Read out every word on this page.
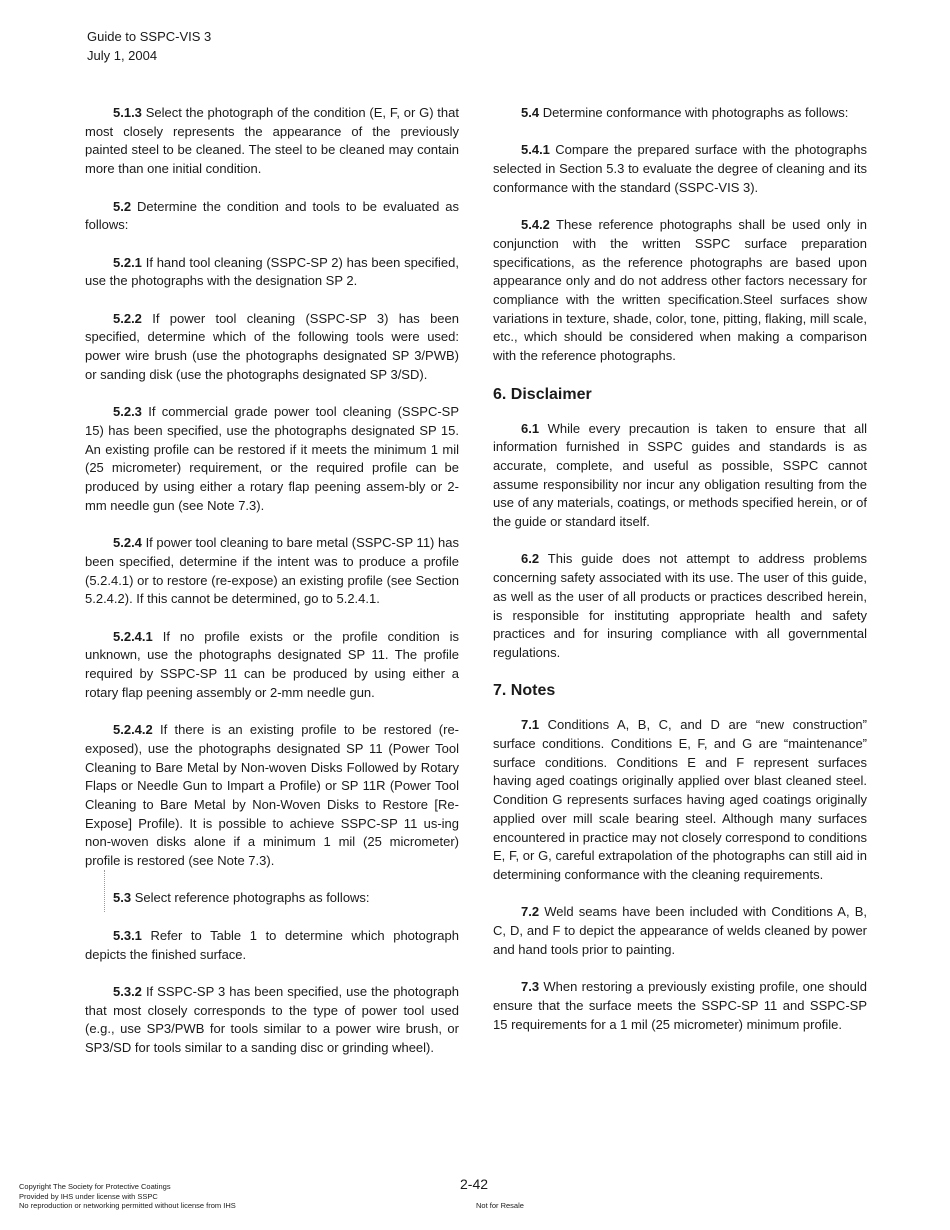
Guide to SSPC-VIS 3
July 1, 2004

5.1.3 Select the photograph of the condition (E, F, or G) that most closely represents the appearance of the previously painted steel to be cleaned. The steel to be cleaned may contain more than one initial condition.

5.2 Determine the condition and tools to be evaluated as follows:

5.2.1 If hand tool cleaning (SSPC-SP 2) has been specified, use the photographs with the designation SP 2.

5.2.2 If power tool cleaning (SSPC-SP 3) has been specified, determine which of the following tools were used: power wire brush (use the photographs designated SP 3/PWB) or sanding disk (use the photographs designated SP 3/SD).

5.2.3 If commercial grade power tool cleaning (SSPC-SP 15) has been specified, use the photographs designated SP 15. An existing profile can be restored if it meets the minimum 1 mil (25 micrometer) requirement, or the required profile can be produced by using either a rotary flap peening assem-bly or 2-mm needle gun (see Note 7.3).

5.2.4 If power tool cleaning to bare metal (SSPC-SP 11) has been specified, determine if the intent was to produce a profile (5.2.4.1) or to restore (re-expose) an existing profile (see Section 5.2.4.2). If this cannot be determined, go to 5.2.4.1.

5.2.4.1 If no profile exists or the profile condition is unknown, use the photographs designated SP 11. The profile required by SSPC-SP 11 can be produced by using either a rotary flap peening assembly or 2-mm needle gun.

5.2.4.2 If there is an existing profile to be restored (re-exposed), use the photographs designated SP 11 (Power Tool Cleaning to Bare Metal by Non-woven Disks Followed by Rotary Flaps or Needle Gun to Impart a Profile) or SP 11R (Power Tool Cleaning to Bare Metal by Non-Woven Disks to Restore [Re-Expose] Profile). It is possible to achieve SSPC-SP 11 us-ing non-woven disks alone if a minimum 1 mil (25 micrometer) profile is restored (see Note 7.3).

5.3 Select reference photographs as follows:

5.3.1 Refer to Table 1 to determine which photograph depicts the finished surface.

5.3.2 If SSPC-SP 3 has been specified, use the photograph that most closely corresponds to the type of power tool used (e.g., use SP3/PWB for tools similar to a power wire brush, or SP3/SD for tools similar to a sanding disc or grinding wheel).

5.4 Determine conformance with photographs as follows:

5.4.1 Compare the prepared surface with the photographs selected in Section 5.3 to evaluate the degree of cleaning and its conformance with the standard (SSPC-VIS 3).

5.4.2 These reference photographs shall be used only in conjunction with the written SSPC surface preparation specifications, as the reference photographs are based upon appearance only and do not address other factors necessary for compliance with the written specification.Steel surfaces show variations in texture, shade, color, tone, pitting, flaking, mill scale, etc., which should be considered when making a comparison with the reference photographs.

6. Disclaimer

6.1 While every precaution is taken to ensure that all information furnished in SSPC guides and standards is as accurate, complete, and useful as possible, SSPC cannot assume responsibility nor incur any obligation resulting from the use of any materials, coatings, or methods specified herein, or of the guide or standard itself.

6.2 This guide does not attempt to address problems concerning safety associated with its use. The user of this guide, as well as the user of all products or practices described herein, is responsible for instituting appropriate health and safety practices and for insuring compliance with all governmental regulations.

7. Notes

7.1 Conditions A, B, C, and D are “new construction” surface conditions. Conditions E, F, and G are “maintenance” surface conditions. Conditions E and F represent surfaces having aged coatings originally applied over blast cleaned steel. Condition G represents surfaces having aged coatings originally applied over mill scale bearing steel. Although many surfaces encountered in practice may not closely correspond to conditions E, F, or G, careful extrapolation of the photographs can still aid in determining conformance with the cleaning requirements.

7.2 Weld seams have been included with Conditions A, B, C, D, and F to depict the appearance of welds cleaned by power and hand tools prior to painting.

7.3 When restoring a previously existing profile, one should ensure that the surface meets the SSPC-SP 11 and SSPC-SP 15 requirements for a 1 mil (25 micrometer) minimum profile.

2-42
Copyright The Society for Protective Coatings
Provided by IHS under license with SSPC
No reproduction or networking permitted without license from IHS	Not for Resale
